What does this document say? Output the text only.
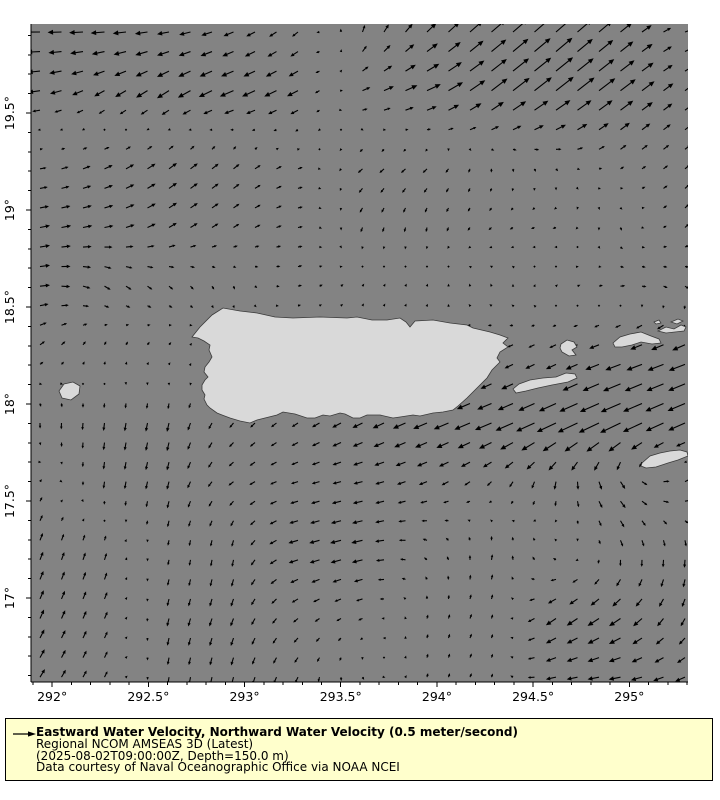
292°	292.5°	293°	293.5°	294°	294.5°	295°
19.5°
19°
18.5°
18°
17.5°
17°
Eastward Water Velocity, Northward Water Velocity (0.5 meter/second)
Regional NCOM AMSEAS 3D (Latest)
(2025-08-02T09:00:00Z, Depth=150.0 m)
Data courtesy of Naval Oceanographic Office via NOAA NCEI
